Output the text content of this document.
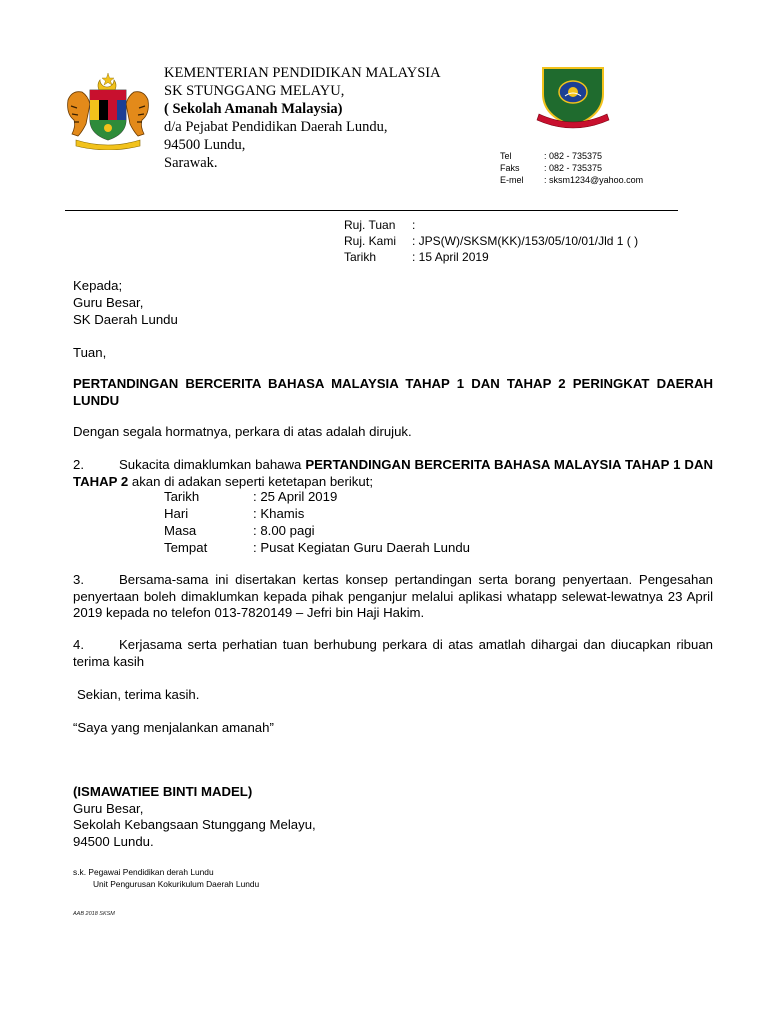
KEMENTERIAN PENDIDIKAN MALAYSIA
SK STUNGGANG MELAYU,
( Sekolah Amanah Malaysia)
d/a Pejabat Pendidikan Daerah Lundu,
94500 Lundu,
Sarawak.	Tel	: 082 - 735375
Faks	: 082 - 735375
E-mel	: sksm1234@yahoo.com
Ruj. Tuan	:
Ruj. Kami	: JPS(W)/SKSM(KK)/153/05/10/01/Jld 1 ( )
Tarikh	: 15 April 2019
Kepada;
Guru Besar,
SK Daerah Lundu
Tuan,
PERTANDINGAN BERCERITA BAHASA MALAYSIA TAHAP 1 DAN TAHAP 2 PERINGKAT DAERAH LUNDU
Dengan segala hormatnya, perkara di atas adalah dirujuk.
2.	Sukacita dimaklumkan bahawa PERTANDINGAN BERCERITA BAHASA MALAYSIA TAHAP 1 DAN TAHAP 2 akan di adakan seperti ketetapan berikut;
Tarikh	: 25 April 2019
Hari	: Khamis
Masa	: 8.00 pagi
Tempat	: Pusat Kegiatan Guru Daerah Lundu
3.	Bersama-sama ini disertakan kertas konsep pertandingan serta borang penyertaan. Pengesahan penyertaan boleh dimaklumkan kepada pihak penganjur melalui aplikasi whatapp selewat-lewatnya 23 April 2019 kepada no telefon 013-7820149 – Jefri bin Haji Hakim.
4.	Kerjasama serta perhatian tuan berhubung perkara di atas amatlah dihargai dan diucapkan ribuan terima kasih
Sekian, terima kasih.
“Saya yang menjalankan amanah”
(ISMAWATIEE BINTI MADEL)
Guru Besar,
Sekolah Kebangsaan Stunggang Melayu,
94500 Lundu.
s.k. Pegawai Pendidikan derah Lundu
Unit Pengurusan Kokurikulum Daerah Lundu
AAB 2018 SKSM
